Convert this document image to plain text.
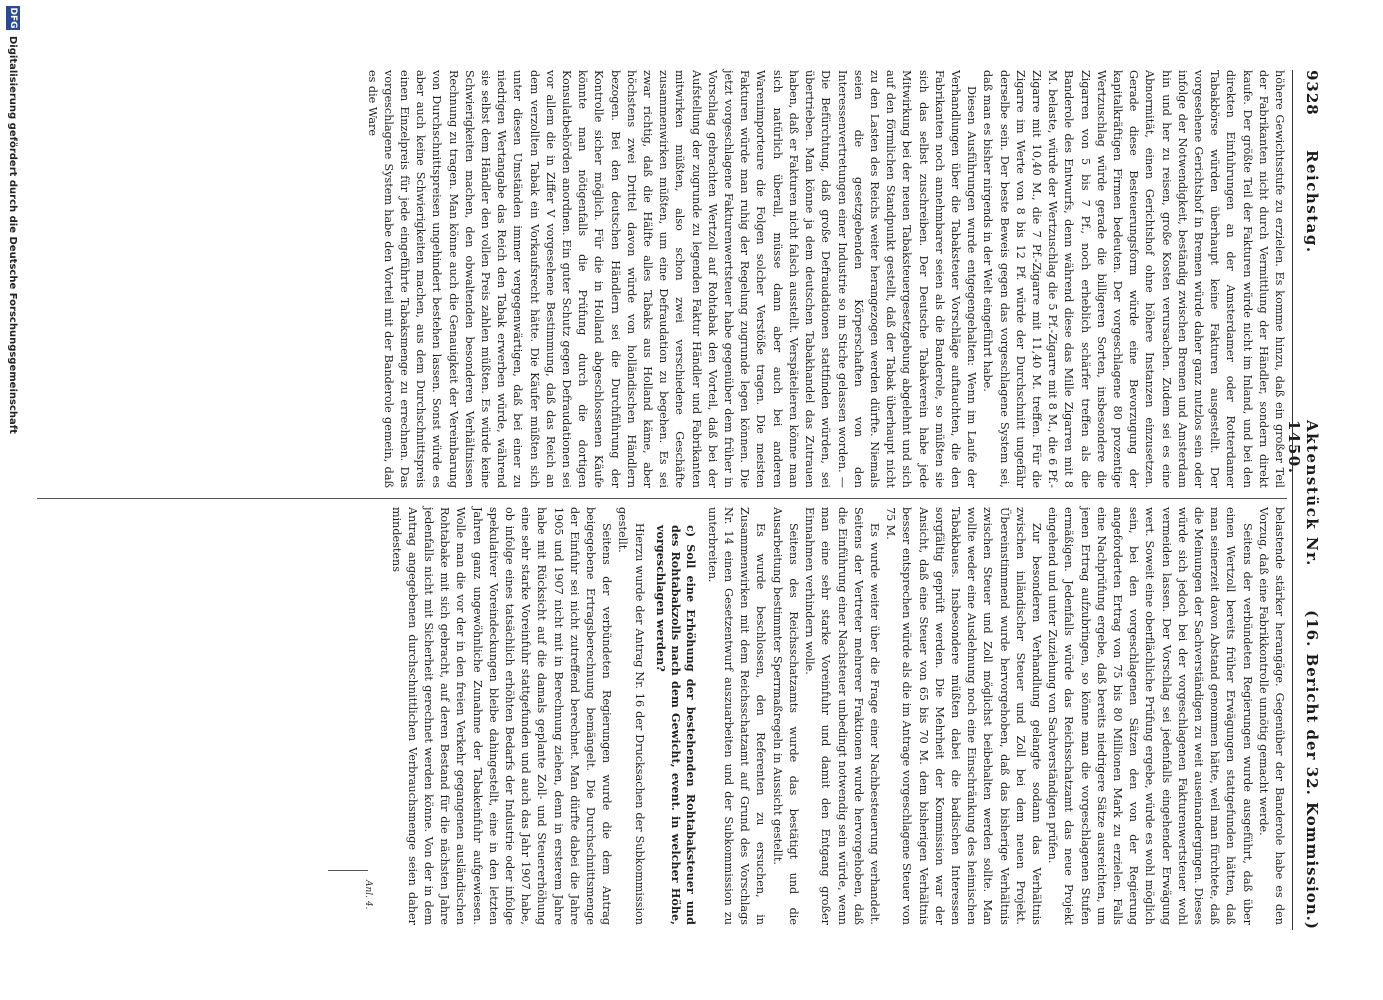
9328
Reichstag.
Aktenstück Nr. 1450.
(16. Bericht der 32. Kommission.)

höhere Gewichtsstufe zu erzielen. Es komme hinzu, daß ein großer Teil der Fabrikanten nicht durch Vermittlung der Händler, sondern direkt kaufe. Der größte Teil der Fakturen würde nicht im Inland, und bei den direkten Einfuhrungen an der Amsterdamer oder Rotterdamer Tabakbörse würden überhaupt keine Fakturen ausgestellt. Der vorgesehene Gerichtshof in Bremen würde daher ganz nutzlos sein oder infolge der Notwendigkeit, beständig zwischen Bremen und Amsterdam hin und her zu reisen, große Kosten verursachen. Zudem sei es eine Abnormität, einen Gerichtshof ohne höhere Instanzen einzusetzen. Gerade diese Besteuerungsform würde eine Bevorzugung der kapitalkräftigen Firmen bedeuten. Der vorgeschlagene 80 prozentige Wertzuschlag würde gerade die billigeren Sorten, insbesondere die Zigarren von 5 bis 7 Pf., noch erheblich schärfer treffen als die Banderole des Entwurfs, denn während diese das Mille Zigarren mit 8 M. belaste, würde der Wertzuschlag die 5 Pf.-Zigarre mit 8 M., die 6 Pf.-Zigarre mit 10,40 M., die 7 Pf.-Zigarre mit 11,40 M. treffen. Für die Zigarre im Werte von 8 bis 12 Pf. würde der Durchschnitt ungefähr derselbe sein. Der beste Beweis gegen das vorgeschlagene System sei, daß man es bisher nirgends in der Welt eingeführt habe.

Diesen Ausführungen wurde entgegengehalten: Wenn im Laufe der Verhandlungen über die Tabaksteuer Vorschläge auftauchten, die den Fabrikanten noch annehmbarer seien als die Banderole, so müßten sie sich das selbst zuschreiben. Der Deutsche Tabakverein habe jede Mitwirkung bei der neuen Tabaksteuergesetzgebung abgelehnt und sich auf den förmlichen Standpunkt gestellt, daß der Tabak überhaupt nicht zu den Lasten des Reichs weiter herangezogen werden dürfte. Niemals seien die gesetzgebenden Körperschaften von den Interessenvertretungen einer Industrie so im Stiche gelassen worden. — Die Befürchtung, daß große Defraudationen stattfinden würden, sei übertrieben. Man könne ja dem deutschen Tabakhandel das Zutrauen haben, daß er Fakturen nicht falsch ausstellt. Verspätelieren könne man sich natürlich überall, müsse dann aber auch bei anderen Warenimporteure die Folgen solcher Verstöße tragen. Die meisten Fakturen würde man ruhig der Regelung zugrunde legen können. Die jetzt vorgeschlagene Fakturenwertsteuer habe gegenüber dem früher in Vorschlag gebrachten Wertzoll auf Rohtabak den Vorteil, daß bei der Aufstellung der zugrunde zu legenden Faktur Händler und Fabrikanten mitwirken müßten, also schon zwei verschiedene Geschäfte zusammenwirken müßten, um eine Defraudation zu begehen. Es sei zwar richtig, daß die Hälfte alles Tabaks aus Holland käme, aber höchstens zwei Drittel davon würde von holländischen Händlern bezogen. Bei den deutschen Händlern sei die Durchführung der Kontrolle sicher möglich. Für die in Holland abgeschlossenen Käufe könnte man nötigenfalls die Prüfung durch die dortigen Konsulatbehörden anordnen. Ein guter Schutz gegen Defraudationen sei vor allem die in Ziffer V vorgesehene Bestimmung, daß das Reich an dem verzollten Tabak ein Vorkaufsrecht hätte. Die Käufer müßten sich unter diesen Umständen immer vergegenwärtigen, daß bei einer zu niedrigen Wertangabe das Reich den Tabak erwerben würde, während sie selbst dem Händler den vollen Preis zahlen müßten. Es würde keine Schwierigkeiten machen, den obwaltenden besonderen Verhältnissen Rechnung zu tragen. Man könne auch die Genauigkeit der Vereinbarung von Durchschnittspreisen ungehindert bestehen lassen. Sonst würde es aber auch keine Schwierigkeiten machen, aus dem Durchschnittspreis einen Einzelpreis für jede eingeführte Tabaksmenge zu errechnen. Das vorgeschlagene System habe den Vorteil mit der Banderole gemein, daß es die Ware

belastende stärker herangäge. Gegenüber der Banderole habe es den Vorzug, daß eine Fabrikkontrolle unnötig gemacht werde.

Seitens der verbündeten Regierungen wurde ausgeführt, daß über einen Wertzoll bereits früher Erwägungen stattgefunden hätten, daß man seinerzeit davon Abstand genommen hätte, weil man fürchtete, daß die Meinungen der Sachverständigen zu weit auseinandergingen. Dieses würde sich jedoch bei der vorgeschlagenen Fakturenwertsteuer wohl vermeiden lassen. Der Vorschlag sei jedenfalls eingehender Erwägung wert. Soweit eine oberflächliche Prüfung ergebe, würde es wohl möglich sein, bei den vorgeschlagenen Sätzen den von der Regierung angeforderten Ertrag von 75 bis 80 Millionen Mark zu erzielen. Falls eine Nachprüfung ergebe, daß bereits niedrigere Sätze ausreichten, um jenen Ertrag aufzubringen, so könne man die vorgeschlagenen Stufen ermäßigen. Jedenfalls würde das Reichsschatzamt das neue Projekt eingehend und unter Zuziehung von Sachverständigen prüfen.

Zur besonderen Verhandlung gelangte sodann das Verhältnis zwischen inländischer Steuer und Zoll bei dem neuen Projekt. Übereinstimmend wurde hervorgehoben, daß das bisherige Verhältnis zwischen Steuer und Zoll möglichst beibehalten werden sollte. Man wollte weder eine Ausdehnung noch eine Einschränkung des heimischen Tabakbaues. Insbesondere müßten dabei die badischen Interessen sorgfältig geprüft werden. Die Mehrheit der Kommission war der Ansicht, daß eine Steuer von 65 bis 70 M. dem bisherigen Verhältnis besser entsprechen würde als die im Antrage vorgeschlagene Steuer von 75 M.

Es wurde weiter über die Frage einer Nachbesteuerung verhandelt. Seitens der Vertreter mehrerer Fraktionen wurde hervorgehoben, daß die Einführung einer Nachsteuer unbedingt notwendig sein würde, wenn man eine sehr starke Voreinfuhr und damit den Entgang großer Einnahmen verhindern wolle.

Seitens des Reichsschatzamts wurde das bestätigt und die Ausarbeitung bestimmter Sperrmaßregeln in Aussicht gestellt.

Es wurde beschlossen, den Referenten zu ersuchen, in Zusammenwirken mit dem Reichsschatzamt auf Grund des Vorschlags Nr. 14 einen Gesetzentwurf auszuarbeiten und der Subkommission zu unterbreiten.

c) Soll eine Erhöhung der bestehenden Rohtabaksteuer und des Rohtabakzolls nach dem Gewicht, event. in welcher Höhe, vorgeschlagen werden?

Hierzu wurde der Antrag Nr. 16 der Drucksachen der Subkommission gestellt.

Seitens der verbündeten Regierungen wurde die dem Antrag beigegebene Ertragsberechnung bemängelt. Die Durchschnittsmenge der Einfuhr sei nicht zutreffend berechnet. Man dürfte dabei die Jahre 1905 und 1907 nicht mit in Berechnung ziehen, denn in ersterem Jahre habe mit Rücksicht auf die damals geplante Zoll- und Steuererhöhung eine sehr starke Voreinfuhr stattgefunden und auch das Jahr 1907 habe, ob infolge eines tatsächlich erhöhten Bedarfs der Industrie oder infolge spekulativer Voreindeckungen bleibe dahingestellt, eine in den letzten Jahren ganz ungewöhnliche Zunahme der Tabakeinfuhr aufgewiesen. Wolle man die vor der in den freien Verkehr gegangenen ausländischen Rohtabake mit sich gebracht, auf deren Bestand für die nächsten Jahre jedenfalls nicht mit Sicherheit gerechnet werden könne. Von der in dem Antrag angegebenen durchschnittlichen Verbrauchsmenge seien daher mindestens

Anl. 4.
DFG
Digitalisierung gefördert durch die Deutsche Forschungsgemeinschaft
